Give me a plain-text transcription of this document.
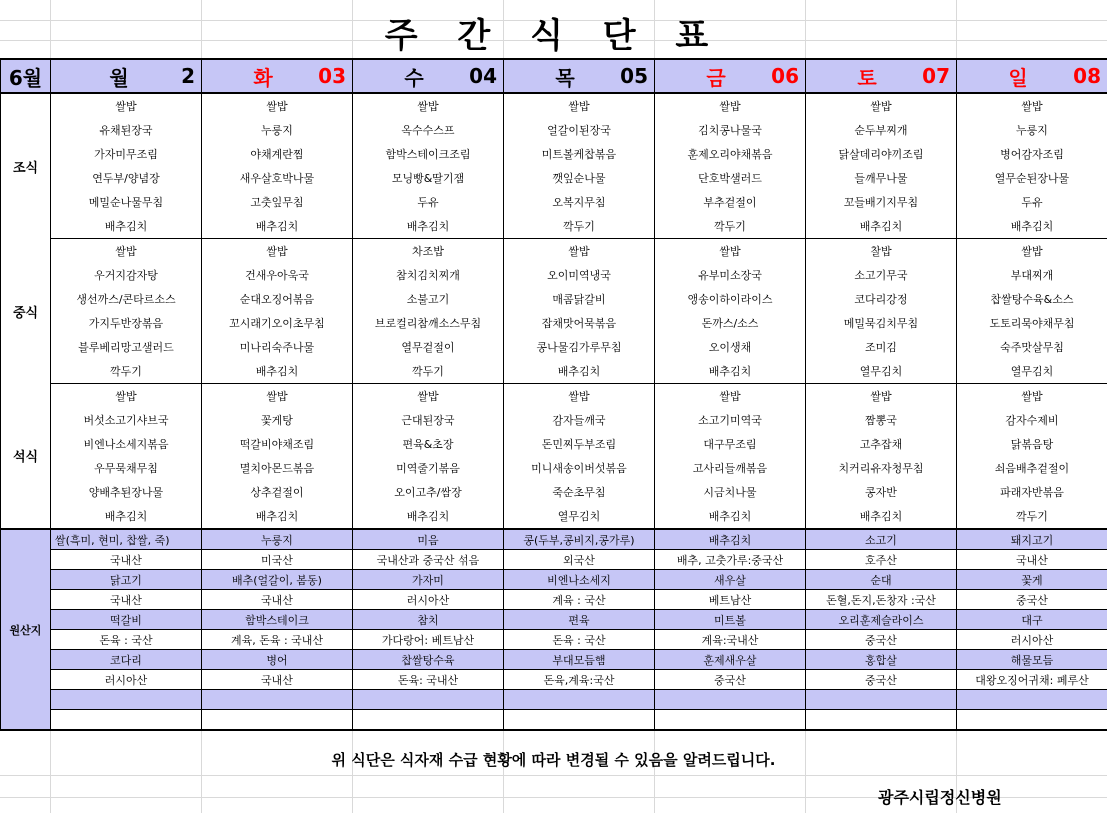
주 간 식 단 표
6월	월 2	화 03	수 04	목 05	금 06	토 07	일 08

조식	쌀밥	쌀밥	쌀밥	쌀밥	쌀밥	쌀밥	쌀밥
	유채된장국	누룽지	옥수수스프	얼갈이된장국	김치콩나물국	순두부찌개	누룽지
	가자미무조림	야채계란찜	함박스테이크조림	미트볼케찹볶음	훈제오리야채볶음	닭살데리야끼조림	병어감자조림
	연두부/양념장	새우살호박나물	모닝빵&딸기잼	깻잎순나물	단호박샐러드	들깨무나물	열무순된장나물
	메밀순나물무침	고춧잎무침	두유	오복지무침	부추겉절이	꼬들배기지무침	두유
	배추김치	배추김치	배추김치	깍두기	깍두기	배추김치	배추김치
중식	쌀밥	쌀밥	차조밥	쌀밥	쌀밥	찰밥	쌀밥
	우거지감자탕	건새우아욱국	참치김치찌개	오이미역냉국	유부미소장국	소고기무국	부대찌개
	생선까스/콘타르소스	순대오징어볶음	소불고기	매콤닭갈비	앵송이하이라이스	코다리강정	찹쌀탕수육&소스
	가지두반장볶음	꼬시래기오이초무침	브로컬리참깨소스무침	잡채맛어묵볶음	돈까스/소스	메밀묵김치무침	도토리묵야채무침
	블루베리망고샐러드	미나리숙주나물	열무겉절이	콩나물김가루무침	오이생채	조미김	숙주맛살무침
	깍두기	배추김치	깍두기	배추김치	배추김치	열무김치	열무김치
석식	쌀밥	쌀밥	쌀밥	쌀밥	쌀밥	쌀밥	쌀밥
	버섯소고기샤브국	꽃게탕	근대된장국	감자들깨국	소고기미역국	짬뽕국	감자수제비
	비엔나소세지볶음	떡갈비야채조림	편육&초장	돈민찌두부조림	대구무조림	고추잡채	닭볶음탕
	우무묵채무침	멸치아몬드볶음	미역줄기볶음	미니새송이버섯볶음	고사리들깨볶음	치커리유자청무침	쇠음배추겉절이
	양배추된장나물	상추겉절이	오이고추/쌈장	죽순초무침	시금치나물	콩자반	파래자반볶음
	배추김치	배추김치	배추김치	열무김치	배추김치	배추김치	깍두기
원산지	쌀(흑미, 현미, 찹쌀, 죽)	누룽지	미음	콩(두부,콩비지,콩가루)	배추김치	소고기	돼지고기
	국내산	미국산	국내산과 중국산 섞음	외국산	배추, 고춧가루:중국산	호주산	국내산
	닭고기	배추(얼갈이, 봄동)	가자미	비엔나소세지	새우살	순대	꽃게
	국내산	국내산	러시아산	계육 : 국산	베트남산	돈혈,돈지,돈창자 :국산	중국산
	떡갈비	함박스테이크	참치	편육	미트볼	오리훈제슬라이스	대구
	돈육 : 국산	계육, 돈육 : 국내산	가다랑어: 베트남산	돈육 : 국산	계육:국내산	중국산	러시아산
	코다리	병어	찹쌀탕수육	부대모듬햄	훈제새우살	홍합살	해물모듬
	러시아산	국내산	돈육: 국내산	돈육,계육:국산	중국산	중국산	대왕오징어귀채: 페루산

위 식단은 식자재 수급 현황에 따라 변경될 수 있음을 알려드립니다.
광주시립정신병원
